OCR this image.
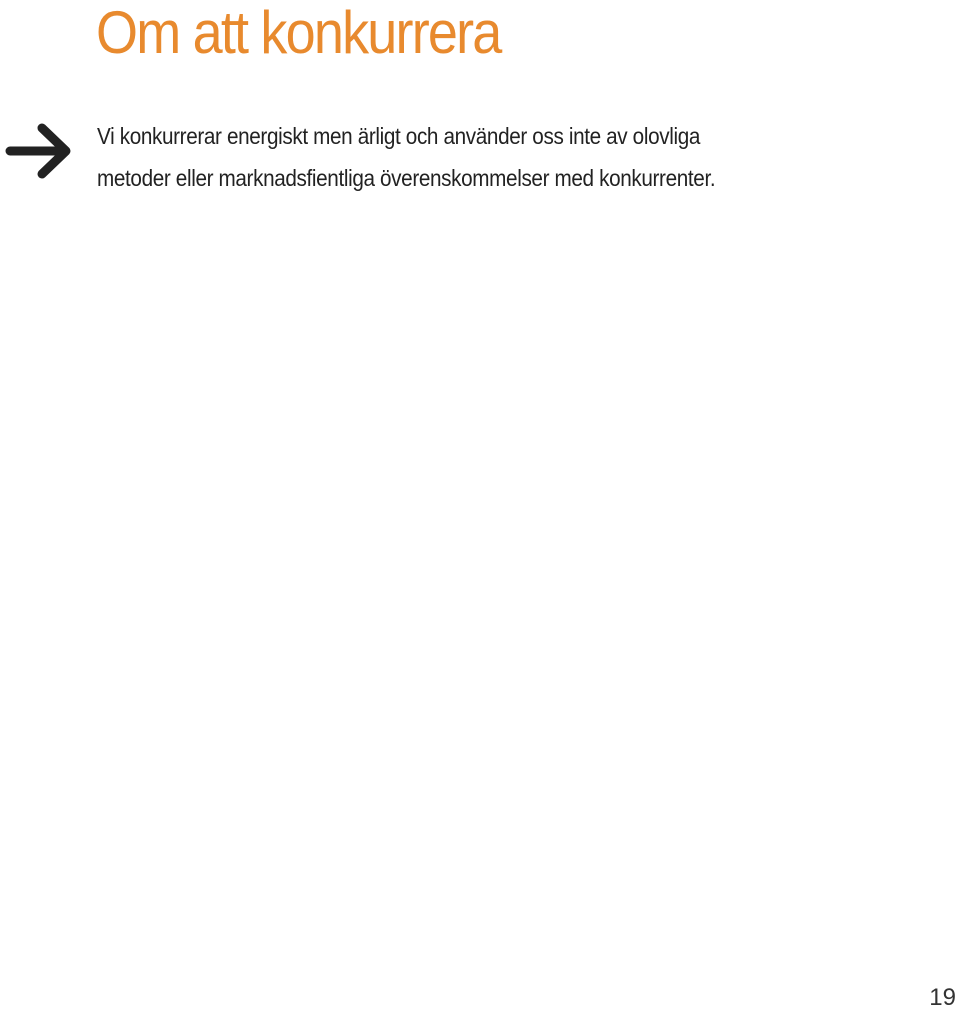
Om att konkurrera

Vi konkurrerar energiskt men ärligt och använder oss inte av olovliga
metoder eller marknadsfientliga överenskommelser med konkurrenter.

19
